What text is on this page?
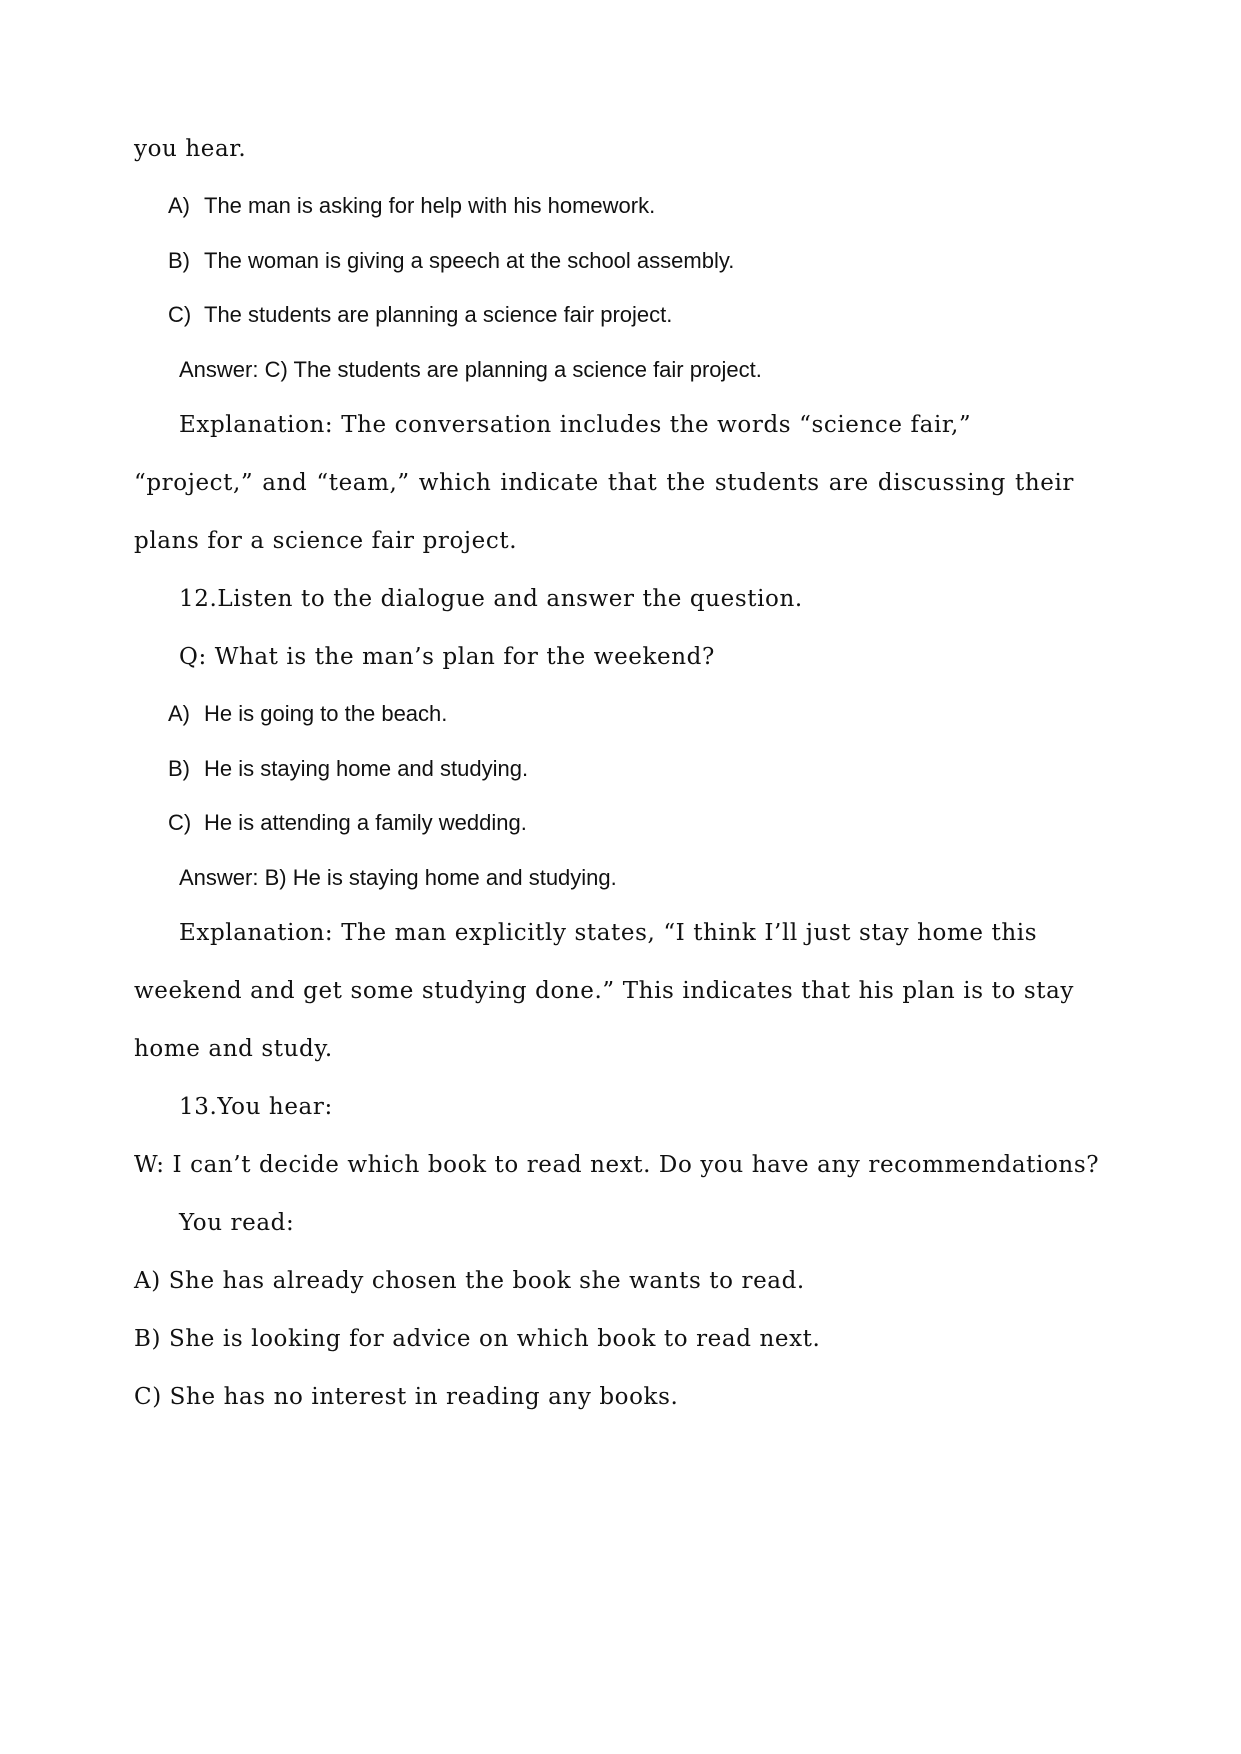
you hear.
A) The man is asking for help with his homework.
B) The woman is giving a speech at the school assembly.
C) The students are planning a science fair project.
Answer: C) The students are planning a science fair project.
Explanation: The conversation includes the words “science fair,”
“project,” and “team,” which indicate that the students are discussing their
plans for a science fair project.
12.Listen to the dialogue and answer the question.
Q: What is the man’s plan for the weekend?
A) He is going to the beach.
B) He is staying home and studying.
C) He is attending a family wedding.
Answer: B) He is staying home and studying.
Explanation: The man explicitly states, “I think I’ll just stay home this
weekend and get some studying done.” This indicates that his plan is to stay
home and study.
13.You hear:
W: I can’t decide which book to read next. Do you have any recommendations?
You read:
A) She has already chosen the book she wants to read.
B) She is looking for advice on which book to read next.
C) She has no interest in reading any books.
